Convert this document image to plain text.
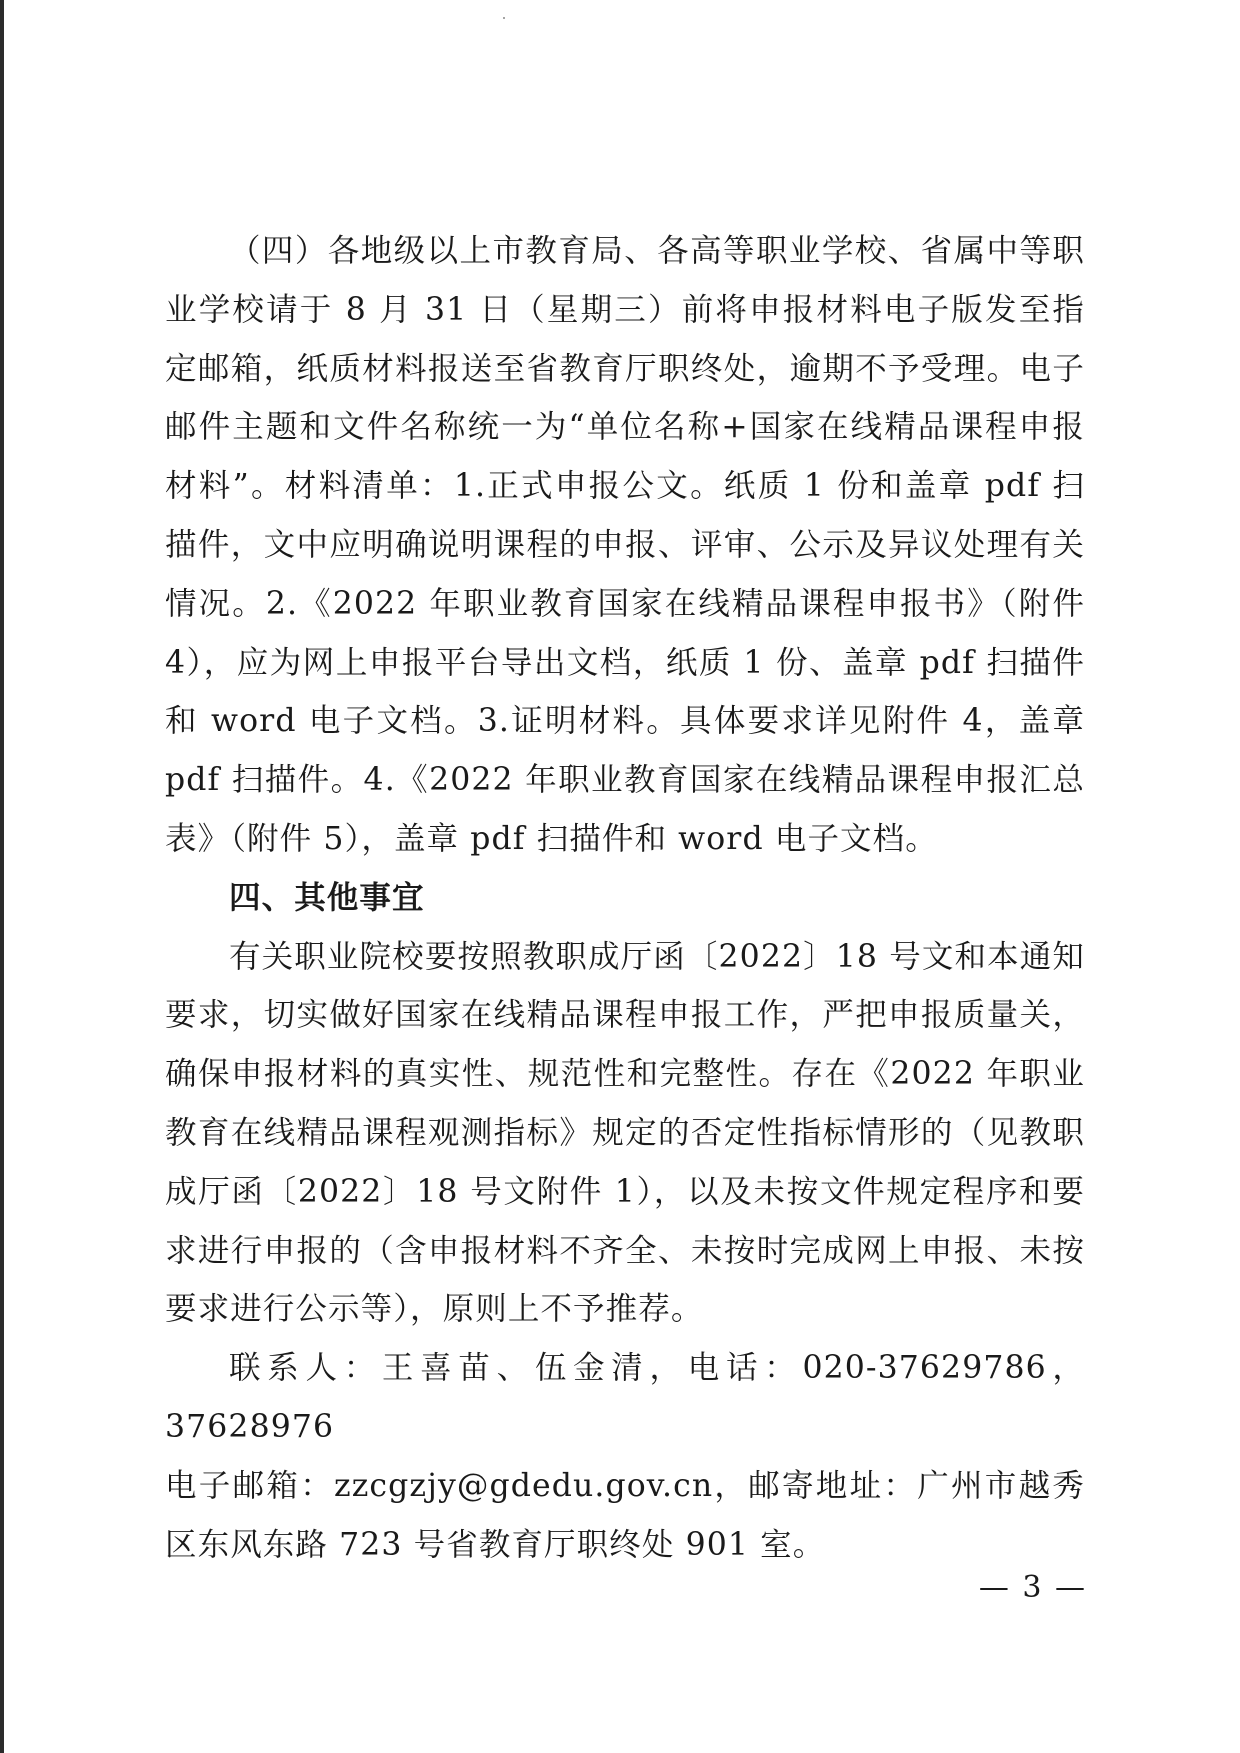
（四）各地级以上市教育局、各高等职业学校、省属中等职业学校请于 8 月 31 日（星期三）前将申报材料电子版发至指定邮箱，纸质材料报送至省教育厅职终处，逾期不予受理。电子邮件主题和文件名称统一为“单位名称+国家在线精品课程申报材料”。材料清单：1.正式申报公文。纸质 1 份和盖章 pdf 扫描件，文中应明确说明课程的申报、评审、公示及异议处理有关情况。2.《2022 年职业教育国家在线精品课程申报书》（附件 4），应为网上申报平台导出文档，纸质 1 份、盖章 pdf 扫描件和 word 电子文档。3.证明材料。具体要求详见附件 4，盖章 pdf 扫描件。4.《2022 年职业教育国家在线精品课程申报汇总表》（附件 5），盖章 pdf 扫描件和 word 电子文档。

四、其他事宜

有关职业院校要按照教职成厅函〔2022〕18 号文和本通知要求，切实做好国家在线精品课程申报工作，严把申报质量关，确保申报材料的真实性、规范性和完整性。存在《2022 年职业教育在线精品课程观测指标》规定的否定性指标情形的（见教职成厅函〔2022〕18 号文附件 1），以及未按文件规定程序和要求进行申报的（含申报材料不齐全、未按时完成网上申报、未按要求进行公示等），原则上不予推荐。

联系人：王喜苗、伍金清，电话：020-37629786，37628976

电子邮箱：zzcgzjy@gdedu.gov.cn，邮寄地址：广州市越秀区东风东路 723 号省教育厅职终处 901 室。

— 3 —
